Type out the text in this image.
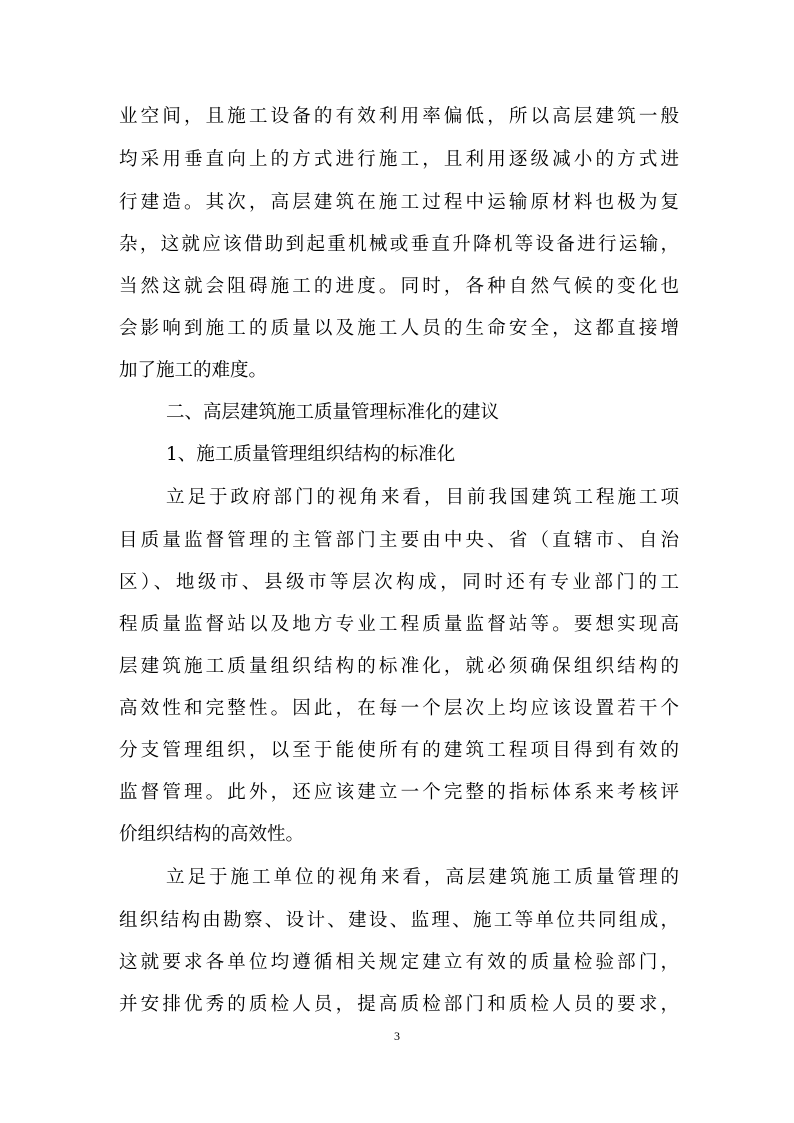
业空间，且施工设备的有效利用率偏低，所以高层建筑一般
均采用垂直向上的方式进行施工，且利用逐级减小的方式进
行建造。其次，高层建筑在施工过程中运输原材料也极为复
杂，这就应该借助到起重机械或垂直升降机等设备进行运输，
当然这就会阻碍施工的进度。同时，各种自然气候的变化也
会影响到施工的质量以及施工人员的生命安全，这都直接增
加了施工的难度。
二、高层建筑施工质量管理标准化的建议
1、施工质量管理组织结构的标准化
立足于政府部门的视角来看，目前我国建筑工程施工项
目质量监督管理的主管部门主要由中央、省（直辖市、自治
区）、地级市、县级市等层次构成，同时还有专业部门的工
程质量监督站以及地方专业工程质量监督站等。要想实现高
层建筑施工质量组织结构的标准化，就必须确保组织结构的
高效性和完整性。因此，在每一个层次上均应该设置若干个
分支管理组织，以至于能使所有的建筑工程项目得到有效的
监督管理。此外，还应该建立一个完整的指标体系来考核评
价组织结构的高效性。
立足于施工单位的视角来看，高层建筑施工质量管理的
组织结构由勘察、设计、建设、监理、施工等单位共同组成，
这就要求各单位均遵循相关规定建立有效的质量检验部门，
并安排优秀的质检人员，提高质检部门和质检人员的要求，
3
